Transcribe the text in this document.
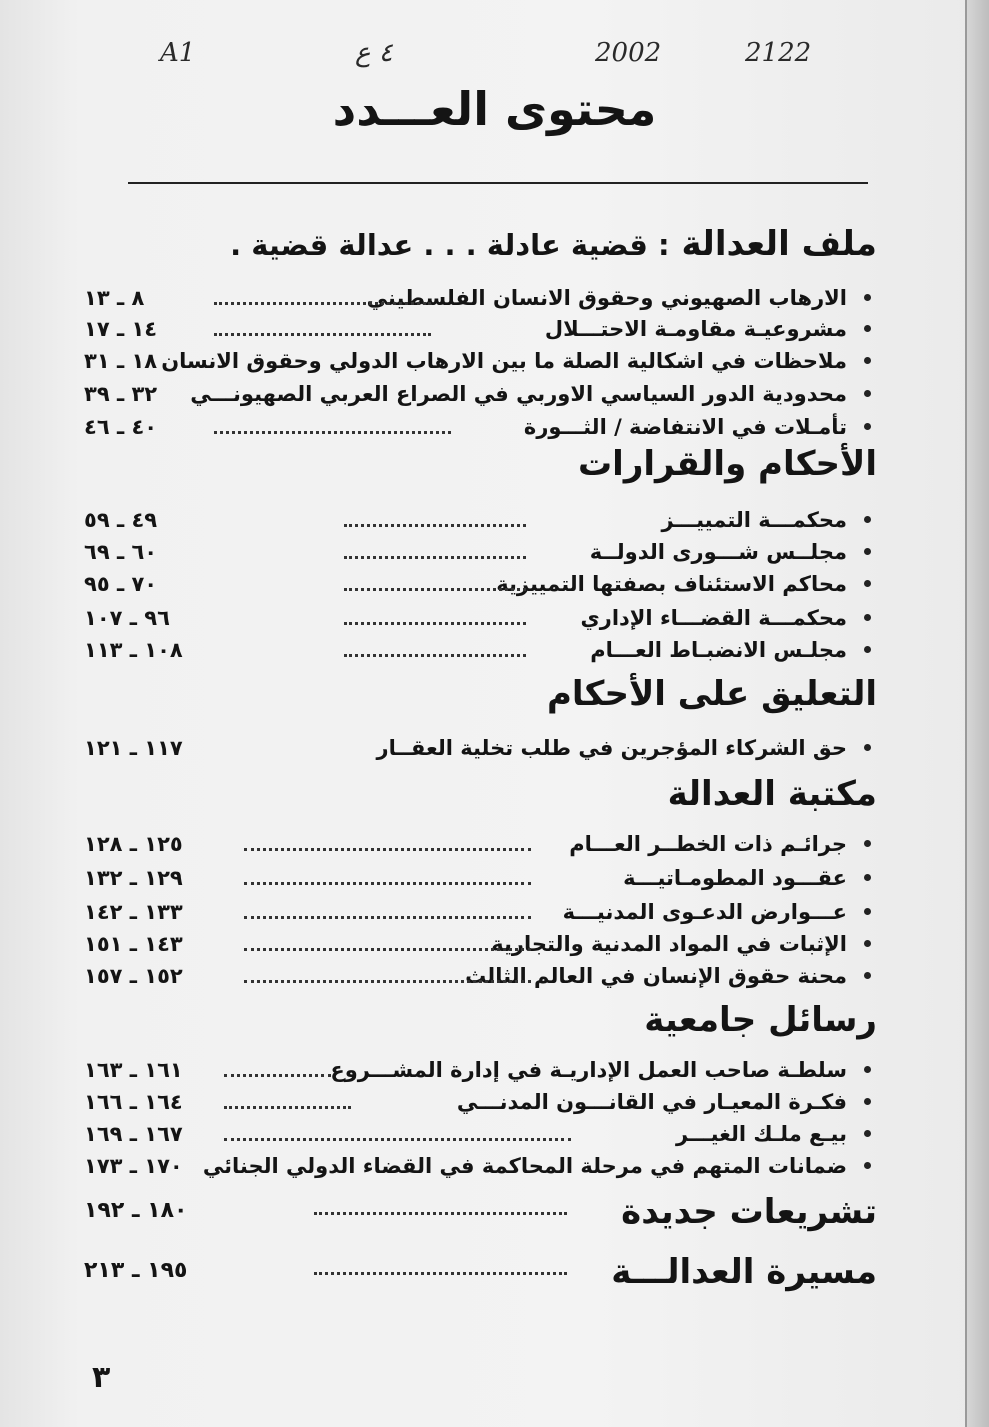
A1	٤ ع	2002	2122
محتوى العـــدد
ملف العدالة : قضية عادلة . . . عدالة قضية .
الارهاب الصهيوني وحقوق الانسان الفلسطيني
٨ ـ ١٣
مشروعيـة مقاومـة الاحتـــلال
١٤ ـ ١٧
ملاحظات في اشكالية الصلة ما بين الارهاب الدولي وحقوق الانسان
١٨ ـ ٣١
محدودية الدور السياسي الاوربي في الصراع العربي الصهيونـــي
٣٢ ـ ٣٩
تأمـلات في الانتفاضة / الثـــورة
٤٠ ـ ٤٦
الأحكام والقرارات
محكمـــة التمييـــز
٤٩ ـ ٥٩
مجلــس شـــورى الدولــة
٦٠ ـ ٦٩
محاكم الاستئناف بصفتها التمييزية
٧٠ ـ ٩٥
محكمـــة القضـــاء الإداري
٩٦ ـ ١٠٧
مجلـس الانضبـاط العـــام
١٠٨ ـ ١١٣
التعليق على الأحكام
حق الشركاء المؤجرين في طلب تخلية العقــار
١١٧ ـ ١٢١
مكتبة العدالة
جرائـم ذات الخطــر العـــام
١٢٥ ـ ١٢٨
عقـــود المطومـاتيـــة
١٢٩ ـ ١٣٢
عـــوارض الدعـوى المدنيـــة
١٣٣ ـ ١٤٢
الإثبات في المواد المدنية والتجارية
١٤٣ ـ ١٥١
محنة حقوق الإنسان في العالم الثالث
١٥٢ ـ ١٥٧
رسائل جامعية
سلطـة صاحب العمل الإداريـة في إدارة المشـــروع
١٦١ ـ ١٦٣
فكـرة المعيـار في القانـــون المدنـــي
١٦٤ ـ ١٦٦
بيـع ملـك الغيـــر
١٦٧ ـ ١٦٩
ضمانات المتهم في مرحلة المحاكمة في القضاء الدولي الجنائي
١٧٠ ـ ١٧٣
تشريعات جديدة
١٨٠ ـ ١٩٢
مسيرة العدالـــة
١٩٥ ـ ٢١٣
٣
